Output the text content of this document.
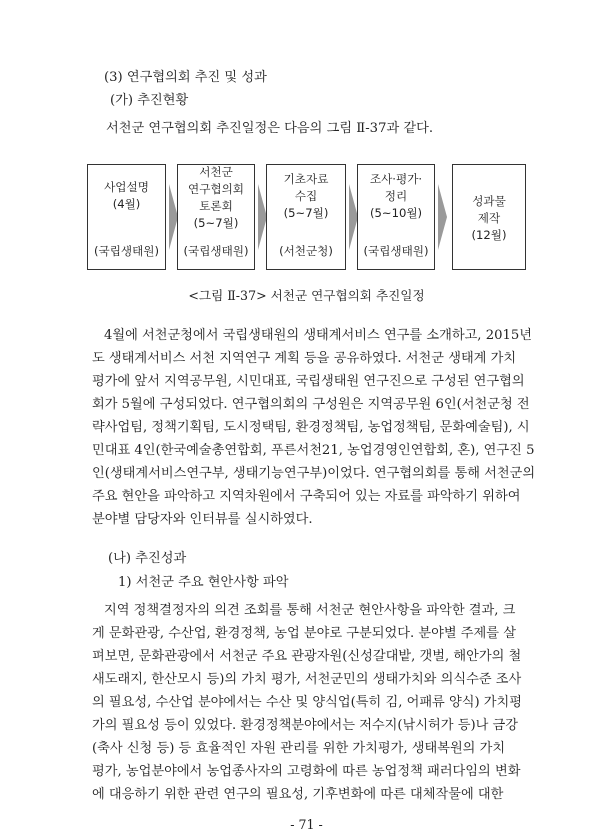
(3) 연구협의회 추진 및 성과
(가) 추진현황
서천군 연구협의회 추진일정은 다음의 그림 Ⅱ-37과 같다.
사업설명
(4월)
(국립생태원)
서천군
연구협의회
토론회
(5~7월)
(국립생태원)
기초자료
수집
(5~7월)
(서천군청)
조사·평가·
정리
(5~10월)
(국립생태원)
성과물
제작
(12월)
<그림 Ⅱ-37> 서천군 연구협의회 추진일정
4월에 서천군청에서 국립생태원의 생태계서비스 연구를 소개하고, 2015년
도 생태계서비스 서천 지역연구 계획 등을 공유하였다. 서천군 생태계 가치
평가에 앞서 지역공무원, 시민대표, 국립생태원 연구진으로 구성된 연구협의
회가 5월에 구성되었다. 연구협의회의 구성원은 지역공무원 6인(서천군청 전
략사업팀, 정책기획팀, 도시정택팀, 환경정책팀, 농업정책팀, 문화예술팀), 시
민대표 4인(한국예술총연합회, 푸른서천21, 농업경영인연합회, 혼), 연구진 5
인(생태계서비스연구부, 생태기능연구부)이었다. 연구협의회를 통해 서천군의
주요 현안을 파악하고 지역차원에서 구축되어 있는 자료를 파악하기 위하여
분야별 담당자와 인터뷰를 실시하였다.
(나) 추진성과
1) 서천군 주요 현안사항 파악
지역 정책결정자의 의견 조회를 통해 서천군 현안사항을 파악한 결과, 크
게 문화관광, 수산업, 환경정책, 농업 분야로 구분되었다. 분야별 주제를 살
펴보면, 문화관광에서 서천군 주요 관광자원(신성갈대밭, 갯벌, 해안가의 철
새도래지, 한산모시 등)의 가치 평가, 서천군민의 생태가치와 의식수준 조사
의 필요성, 수산업 분야에서는 수산 및 양식업(특히 김, 어패류 양식) 가치평
가의 필요성 등이 있었다. 환경정책분야에서는 저수지(낚시허가 등)나 금강
(축사 신청 등) 등 효율적인 자원 관리를 위한 가치평가, 생태복원의 가치
평가, 농업분야에서 농업종사자의 고령화에 따른 농업정책 패러다임의 변화
에 대응하기 위한 관련 연구의 필요성, 기후변화에 따른 대체작물에 대한
- 71 -
